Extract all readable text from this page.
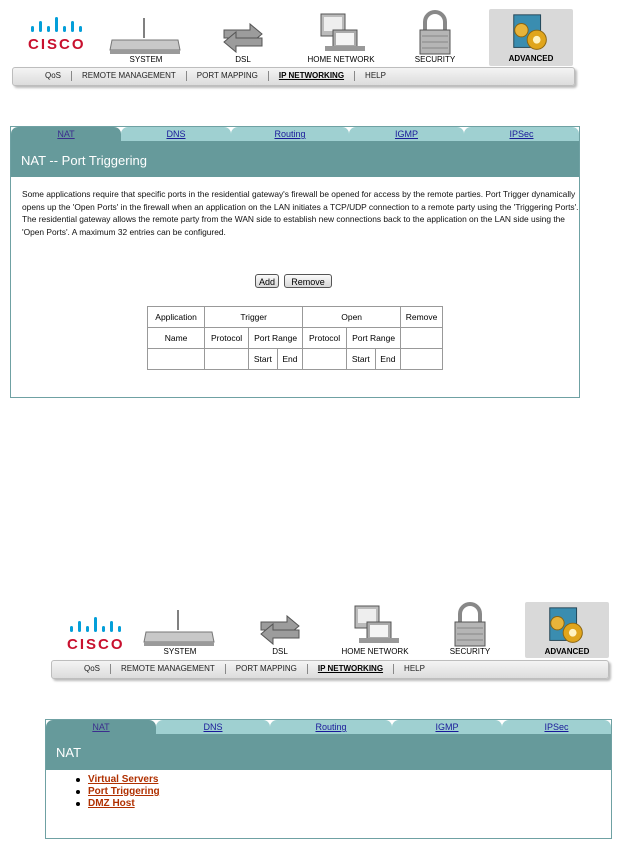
CISCO
SYSTEM	DSL	HOME NETWORK	SECURITY	ADVANCED
QoS	REMOTE MANAGEMENT	PORT MAPPING	IP NETWORKING	HELP
NAT	DNS	Routing	IGMP	IPSec
NAT -- Port Triggering
Some applications require that specific ports in the residential gateway's firewall be opened for access by the remote parties. Port Trigger dynamically opens up the 'Open Ports' in the firewall when an application on the LAN initiates a TCP/UDP connection to a remote party using the 'Triggering Ports'. The residential gateway allows the remote party from the WAN side to establish new connections back to the application on the LAN side using the 'Open Ports'. A maximum 32 entries can be configured.
Add	Remove
Application	Trigger			Open			Remove
Name	Protocol	Port Range		Protocol	Port Range		
		Start	End		Start	End	
CISCO	SYSTEM	DSL	HOME NETWORK	SECURITY	ADVANCED
QoS	REMOTE MANAGEMENT	PORT MAPPING	IP NETWORKING	HELP
NAT	DNS	Routing	IGMP	IPSec
NAT
Virtual Servers
Port Triggering
DMZ Host
